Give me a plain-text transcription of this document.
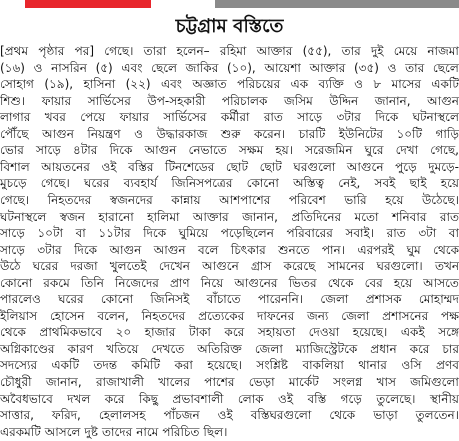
চট্টগ্রাম বস্তিতে
[প্রথম পৃষ্ঠার পর] গেছে। তারা হলেন– রহিমা আক্তার (৫৫), তার দুই মেয়ে নাজমা
(১৬) ও নাসরিন (৫) এবং ছেলে জাকির (১০), আয়েশা আক্তার (৩৫) ও তার ছেলে
সোহাগ (১৯), হাসিনা (২২) এবং অজ্ঞাত পরিচয়ের এক ব্যক্তি ও ৮ মাসের একটি
শিশু। ফায়ার সার্ভিসের উপ-সহকারী পরিচালক জসিম উদ্দিন জানান, আগুন
লাগার খবর পেয়ে ফায়ার সার্ভিসের কর্মীরা রাত সাড়ে ৩টার দিকে ঘটনাস্থলে
পৌঁছে আগুন নিয়ন্ত্রণ ও উদ্ধারকাজ শুরু করেন। চারটি ইউনিটের ১০টি গাড়ি
ভোর সাড়ে ৪টার দিকে আগুন নেভাতে সক্ষম হয়। সরেজমিন ঘুরে দেখা গেছে,
বিশাল আয়তনের ওই বস্তির টিনশেডের ছোট ছোট ঘরগুলো আগুনে পুড়ে দুমড়ে-
মুচড়ে গেছে। ঘরের ব্যবহার্য জিনিসপত্রের কোনো অস্তিত্ব নেই, সবই ছাই হয়ে
গেছে। নিহতদের স্বজনদের কান্নায় আশপাশের পরিবেশ ভারি হয়ে উঠেছে।
ঘটনাস্থলে স্বজন হারানো হালিমা আক্তার জানান, প্রতিদিনের মতো শনিবার রাত
সাড়ে ১০টা বা ১১টার দিকে ঘুমিয়ে পড়েছিলেন পরিবারের সবাই। রাত ৩টা বা
সাড়ে ৩টার দিকে আগুন আগুন বলে চিৎকার শুনতে পান। এরপরই ঘুম থেকে
উঠে ঘরের দরজা খুলতেই দেখেন আগুনে গ্রাস করেছে সামনের ঘরগুলো। তখন
কোনো রকমে তিনি নিজেদের প্রাণ নিয়ে আগুনের ভিতর থেকে বের হয়ে আসতে
পারলেও ঘরের কোনো জিনিসই বাঁচাতে পারেননি। জেলা প্রশাসক মোহাম্মদ
ইলিয়াস হোসেন বলেন, নিহতদের প্রত্যেকের দাফনের জন্য জেলা প্রশাসনের পক্ষ
থেকে প্রাথমিকভাবে ২০ হাজার টাকা করে সহায়তা দেওয়া হয়েছে। একই সঙ্গে
অগ্নিকাণ্ডের কারণ খতিয়ে দেখতে অতিরিক্ত জেলা ম্যাজিস্ট্রেটকে প্রধান করে চার
সদস্যের একটি তদন্ত কমিটি করা হয়েছে। সংশ্লিষ্ট বাকলিয়া থানার ওসি প্রণব
চৌধুরী জানান, রাজাখালী খালের পাশের ভেড়া মার্কেট সংলগ্ন খাস জমিগুলো
অবৈধভাবে দখল করে কিছু প্রভাবশালী লোক ওই বস্তি গড়ে তুলেছে। স্থানীয়
সাত্তার, ফরিদ, হেলালসহ পাঁচজন ওই বস্তিঘরগুলো থেকে ভাড়া তুলতেন।
এরকমটি আসলে দুষ্ট তাদের নামে পরিচিত ছিল।
